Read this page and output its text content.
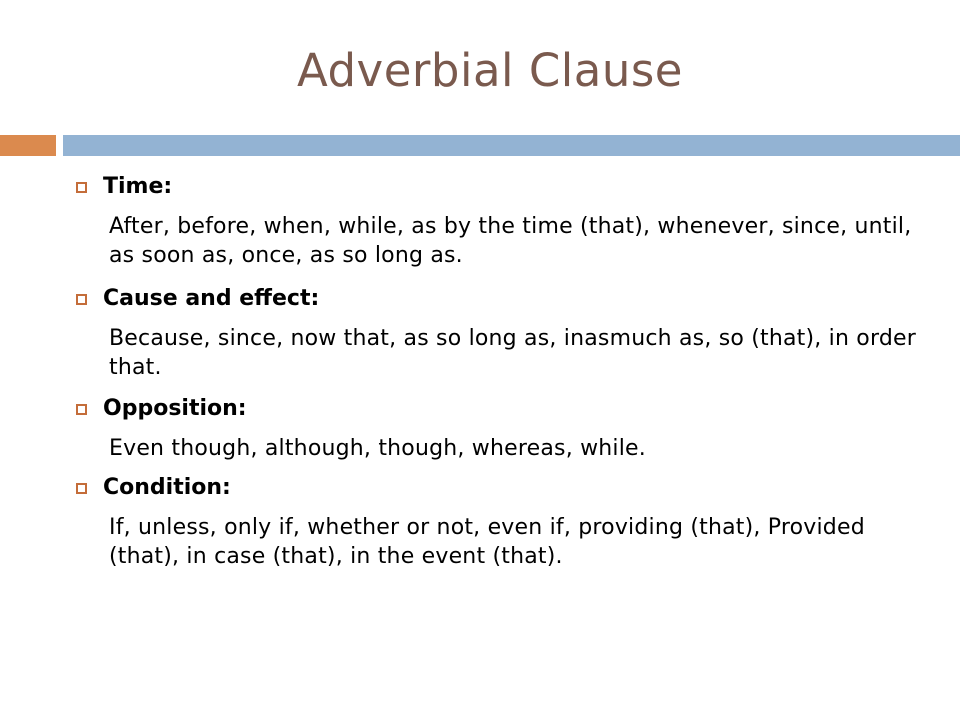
Adverbial Clause
Time:
After, before, when, while, as by the time (that), whenever, since, until, as soon as, once, as so long as.
Cause and effect:
Because, since, now that, as so long as, inasmuch as, so (that), in order that.
Opposition:
Even though, although, though, whereas, while.
Condition:
If, unless, only if, whether or not, even if, providing (that), Provided (that), in case (that), in the event (that).
